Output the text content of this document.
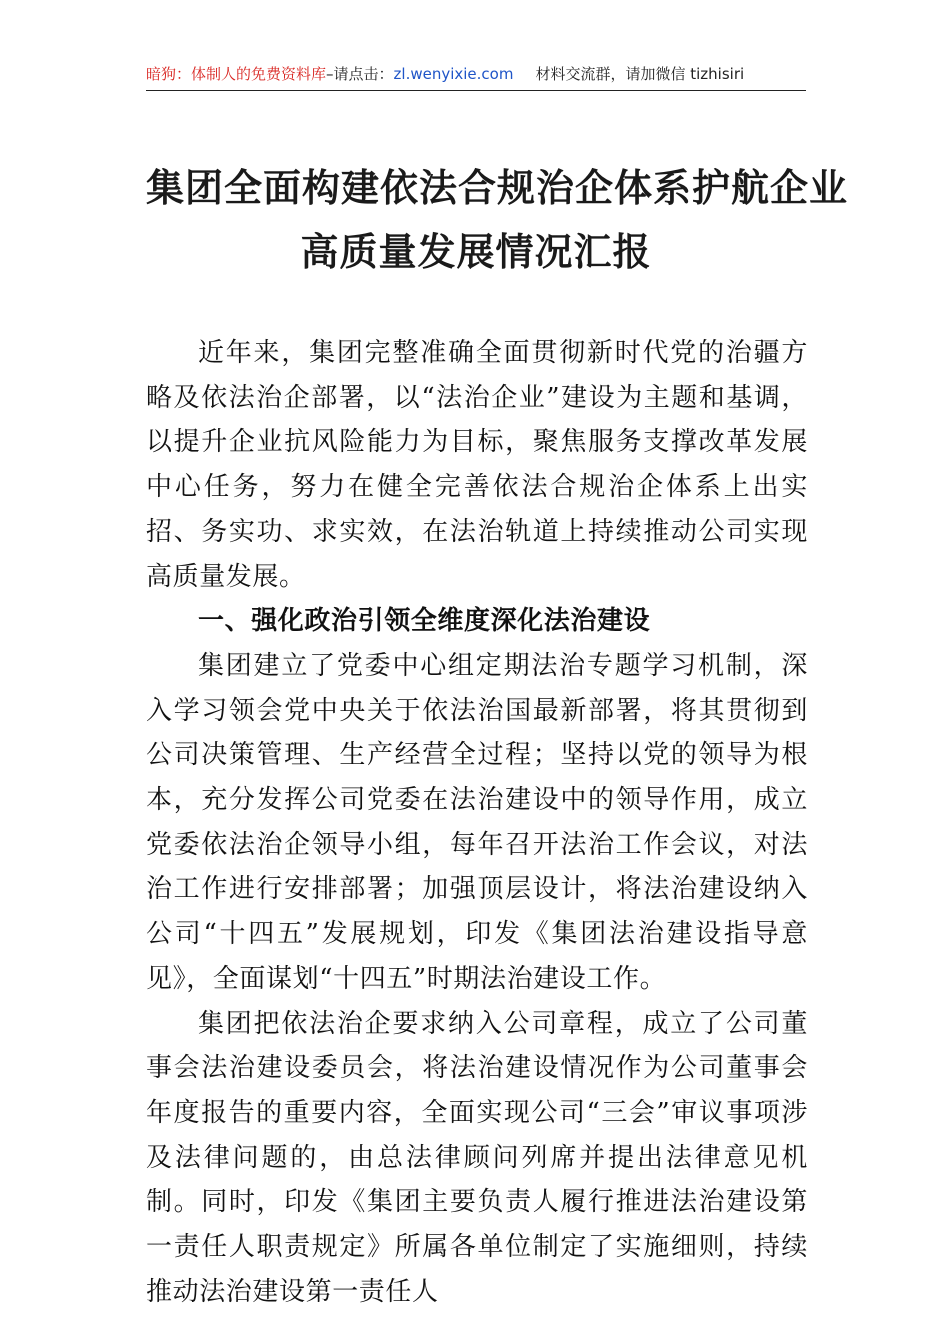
暗狗：体制人的免费资料库 –请点击： zl.wenyixie.com 材料交流群，请加微信 tizhisiri
集团全面构建依法合规治企体系护航企业
高质量发展情况汇报

近年来，集团完整准确全面贯彻新时代党的治疆方略及依法治企部署，以“法治企业”建设为主题和基调，以提升企业抗风险能力为目标，聚焦服务支撑改革发展中心任务，努力在健全完善依法合规治企体系上出实招、务实功、求实效，在法治轨道上持续推动公司实现高质量发展。

一、强化政治引领全维度深化法治建设

集团建立了党委中心组定期法治专题学习机制，深入学习领会党中央关于依法治国最新部署，将其贯彻到公司决策管理、生产经营全过程；坚持以党的领导为根本，充分发挥公司党委在法治建设中的领导作用，成立党委依法治企领导小组，每年召开法治工作会议，对法治工作进行安排部署；加强顶层设计，将法治建设纳入公司“十四五”发展规划，印发《集团法治建设指导意见》，全面谋划“十四五”时期法治建设工作。

集团把依法治企要求纳入公司章程，成立了公司董事会法治建设委员会，将法治建设情况作为公司董事会年度报告的重要内容，全面实现公司“三会”审议事项涉及法律问题的，由总法律顾问列席并提出法律意见机制。同时，印发《集团主要负责人履行推进法治建设第一责任人职责规定》所属各单位制定了实施细则，持续推动法治建设第一责任人
